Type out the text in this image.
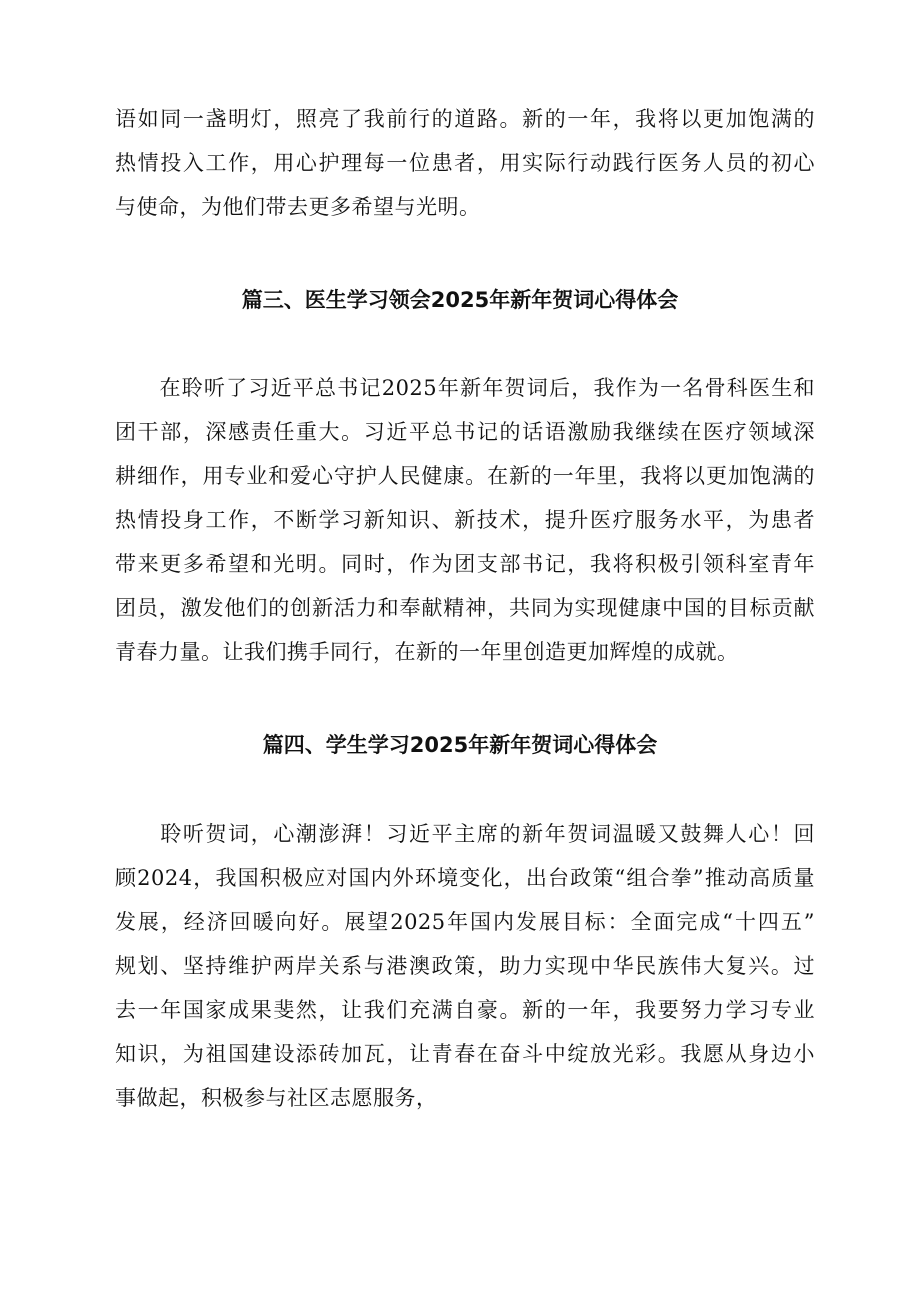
语如同一盏明灯，照亮了我前行的道路。新的一年，我将以更加饱满的
热情投入工作，用心护理每一位患者，用实际行动践行医务人员的初心
与使命，为他们带去更多希望与光明。
篇三、医生学习领会2025年新年贺词心得体会
　　在聆听了习近平总书记2025年新年贺词后，我作为一名骨科医生和
团干部，深感责任重大。习近平总书记的话语激励我继续在医疗领域深
耕细作，用专业和爱心守护人民健康。在新的一年里，我将以更加饱满的
热情投身工作，不断学习新知识、新技术，提升医疗服务水平，为患者
带来更多希望和光明。同时，作为团支部书记，我将积极引领科室青年
团员，激发他们的创新活力和奉献精神，共同为实现健康中国的目标贡献
青春力量。让我们携手同行，在新的一年里创造更加辉煌的成就。
篇四、学生学习2025年新年贺词心得体会
　　聆听贺词，心潮澎湃！习近平主席的新年贺词温暖又鼓舞人心！回
顾2024，我国积极应对国内外环境变化，出台政策“组合拳”推动高质量
发展，经济回暖向好。展望2025年国内发展目标：全面完成“十四五”
规划、坚持维护两岸关系与港澳政策，助力实现中华民族伟大复兴。过
去一年国家成果斐然，让我们充满自豪。新的一年，我要努力学习专业
知识，为祖国建设添砖加瓦，让青春在奋斗中绽放光彩。我愿从身边小
事做起，积极参与社区志愿服务，
